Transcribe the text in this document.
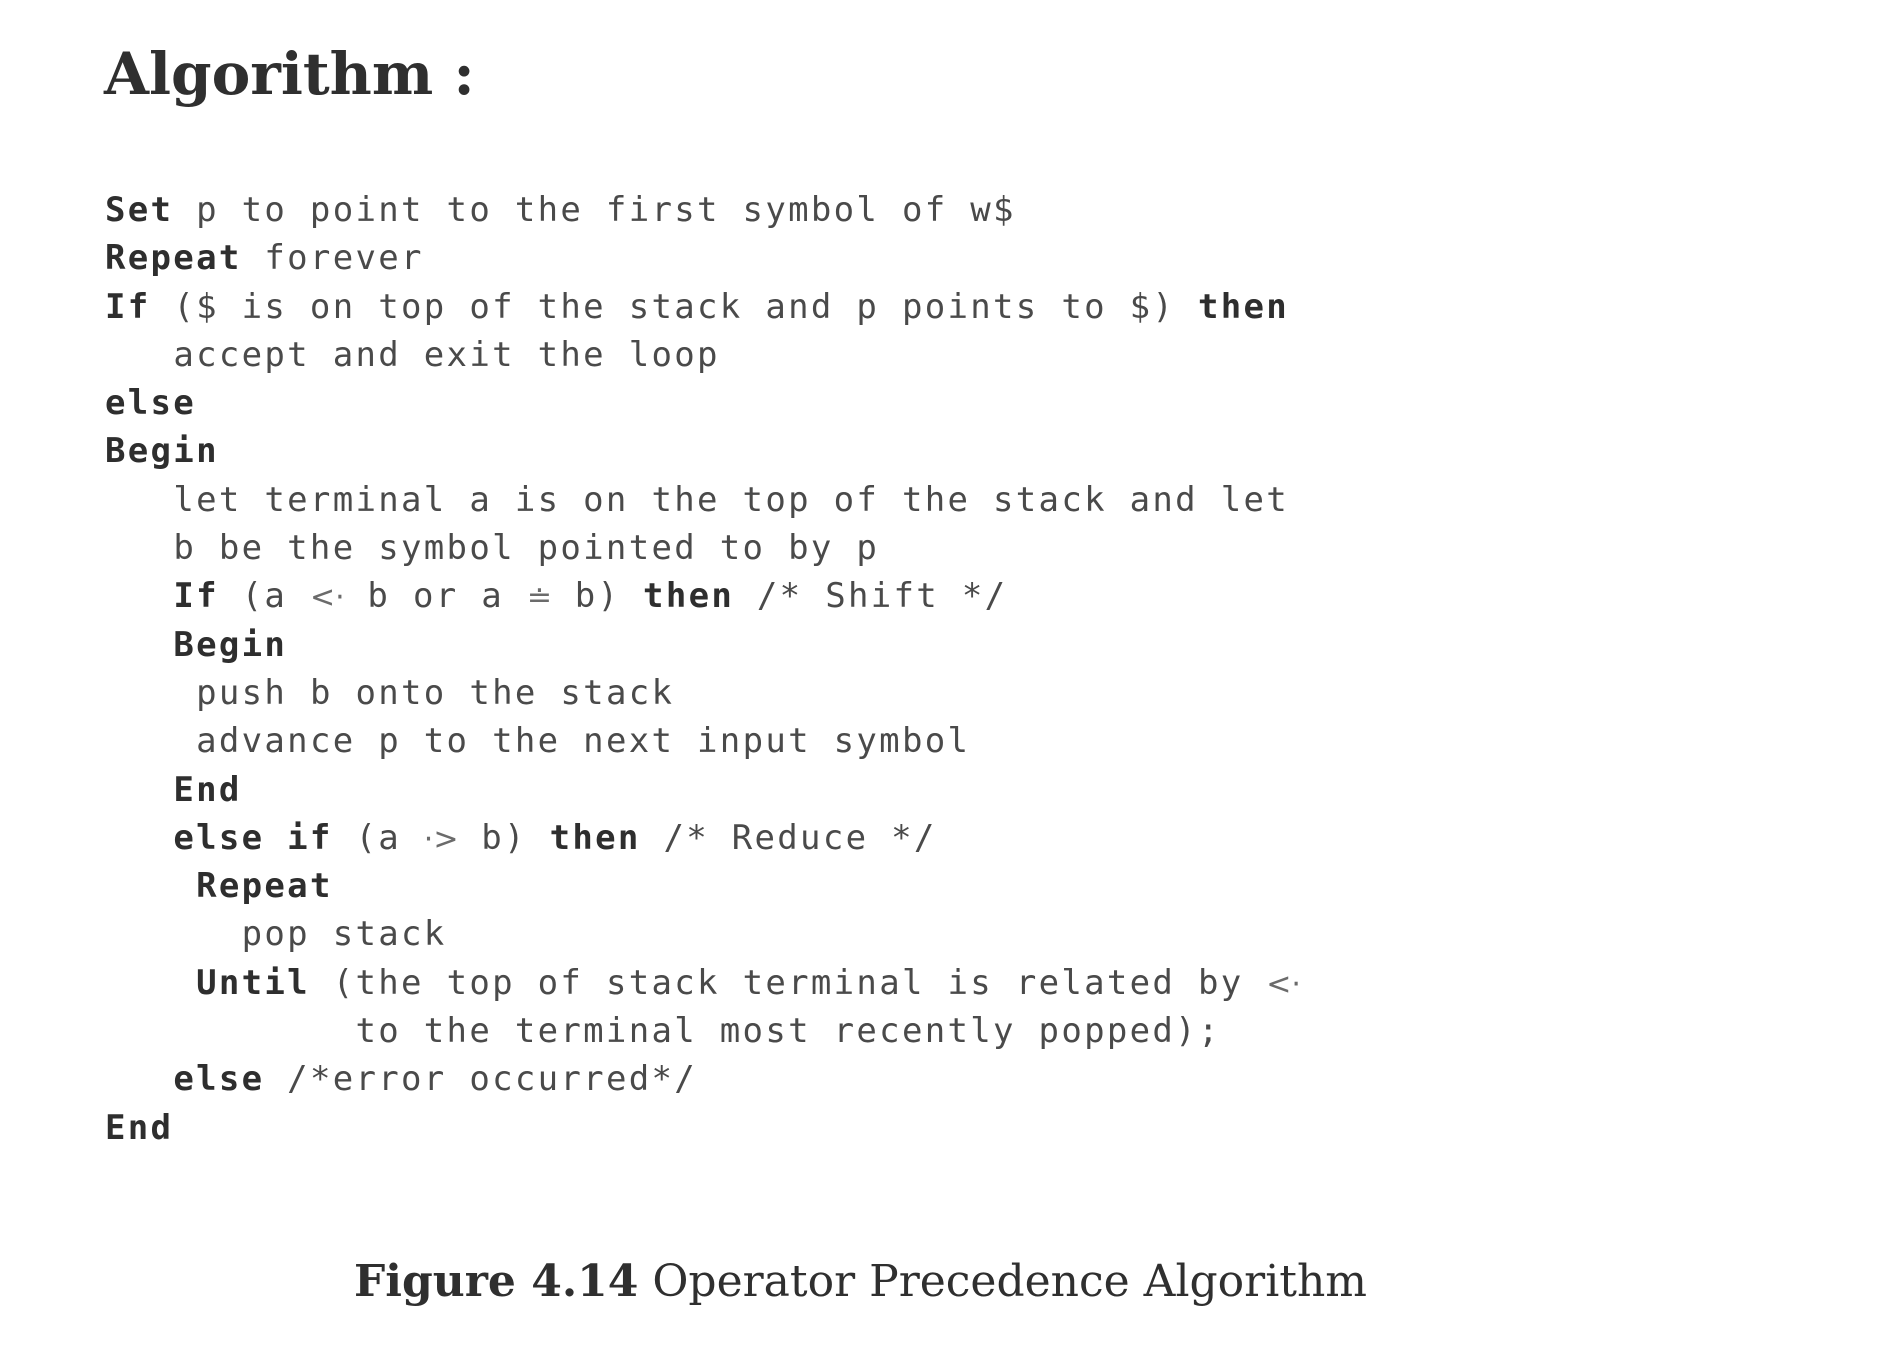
Algorithm :
Set p to point to the first symbol of w$
Repeat forever
If ($ is on top of the stack and p points to $) then
accept and exit the loop
else
Begin
let terminal a is on the top of the stack and let
b be the symbol pointed to by p
If (a <· b or a ≐ b) then /* Shift */
Begin
push b onto the stack
advance p to the next input symbol
End
else if (a ·> b) then /* Reduce */
Repeat
pop stack
Until (the top of stack terminal is related by <·
to the terminal most recently popped);
else /*error occurred*/
End

Figure 4.14 Operator Precedence Algorithm
